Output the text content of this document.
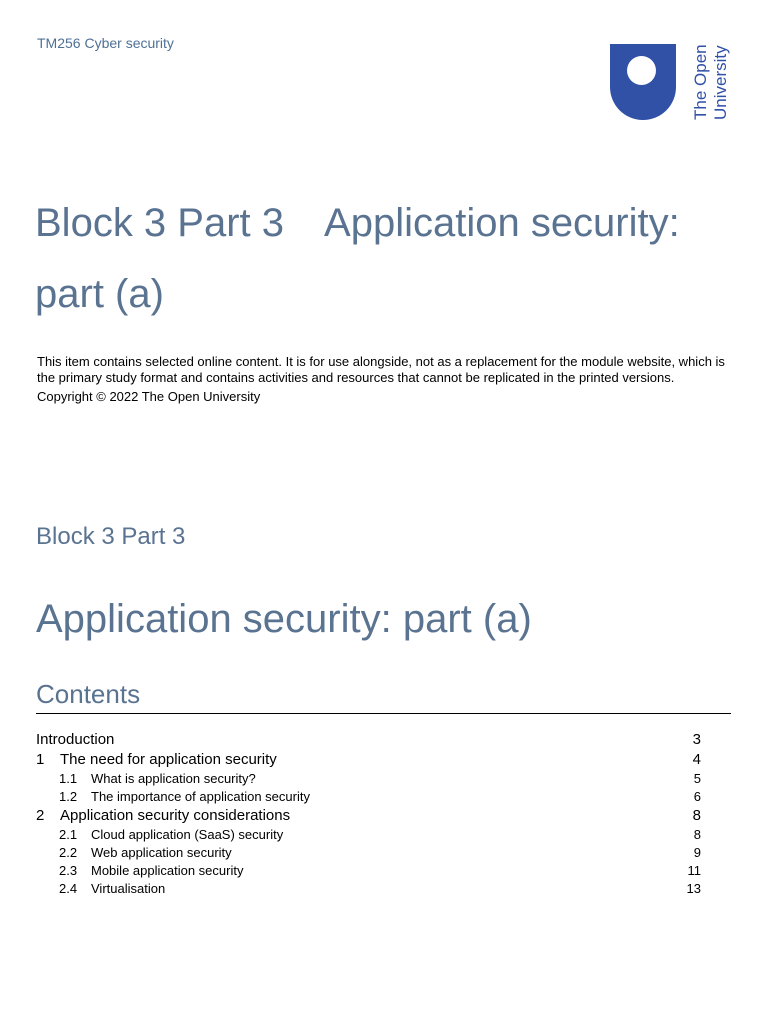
TM256 Cyber security
The Open University
Block 3 Part 3 Application security:
part (a)
This item contains selected online content. It is for use alongside, not as a replacement for the module website, which is the primary study format and contains activities and resources that cannot be replicated in the printed versions.
Copyright © 2022 The Open University
Block 3 Part 3
Application security: part (a)
Contents
Introduction	3
1 The need for application security	4
1.1 What is application security?	5
1.2 The importance of application security	6
2 Application security considerations	8
2.1 Cloud application (SaaS) security	8
2.2 Web application security	9
2.3 Mobile application security	11
2.4 Virtualisation	13
